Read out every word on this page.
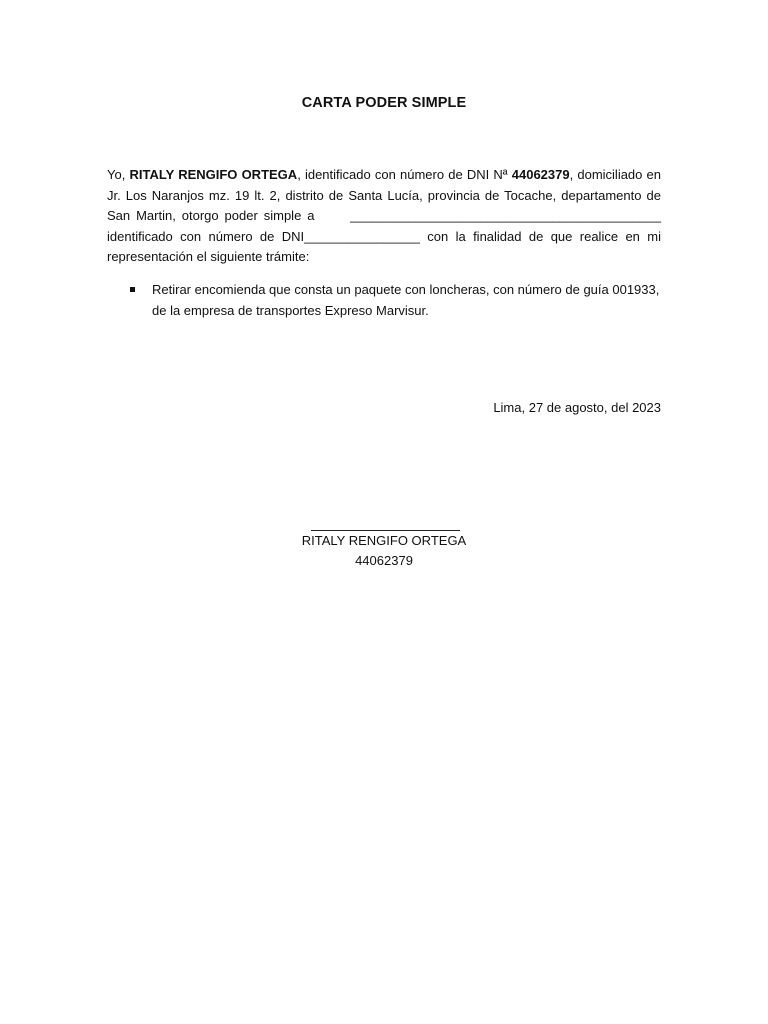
CARTA PODER SIMPLE

Yo, RITALY RENGIFO ORTEGA, identificado con número de DNI Nª 44062379, domiciliado en Jr. Los Naranjos mz. 19 lt. 2, distrito de Santa Lucía, provincia de Tocache, departamento de San Martin, otorgo poder simple a      ___________________________________________ identificado con número de DNI________________ con la finalidad de que realice en mi representación el siguiente trámite:

Retirar encomienda que consta un paquete con loncheras, con número de guía 001933, de la empresa de transportes Expreso Marvisur.
Lima, 27 de agosto, del 2023
RITALY RENGIFO ORTEGA
44062379
